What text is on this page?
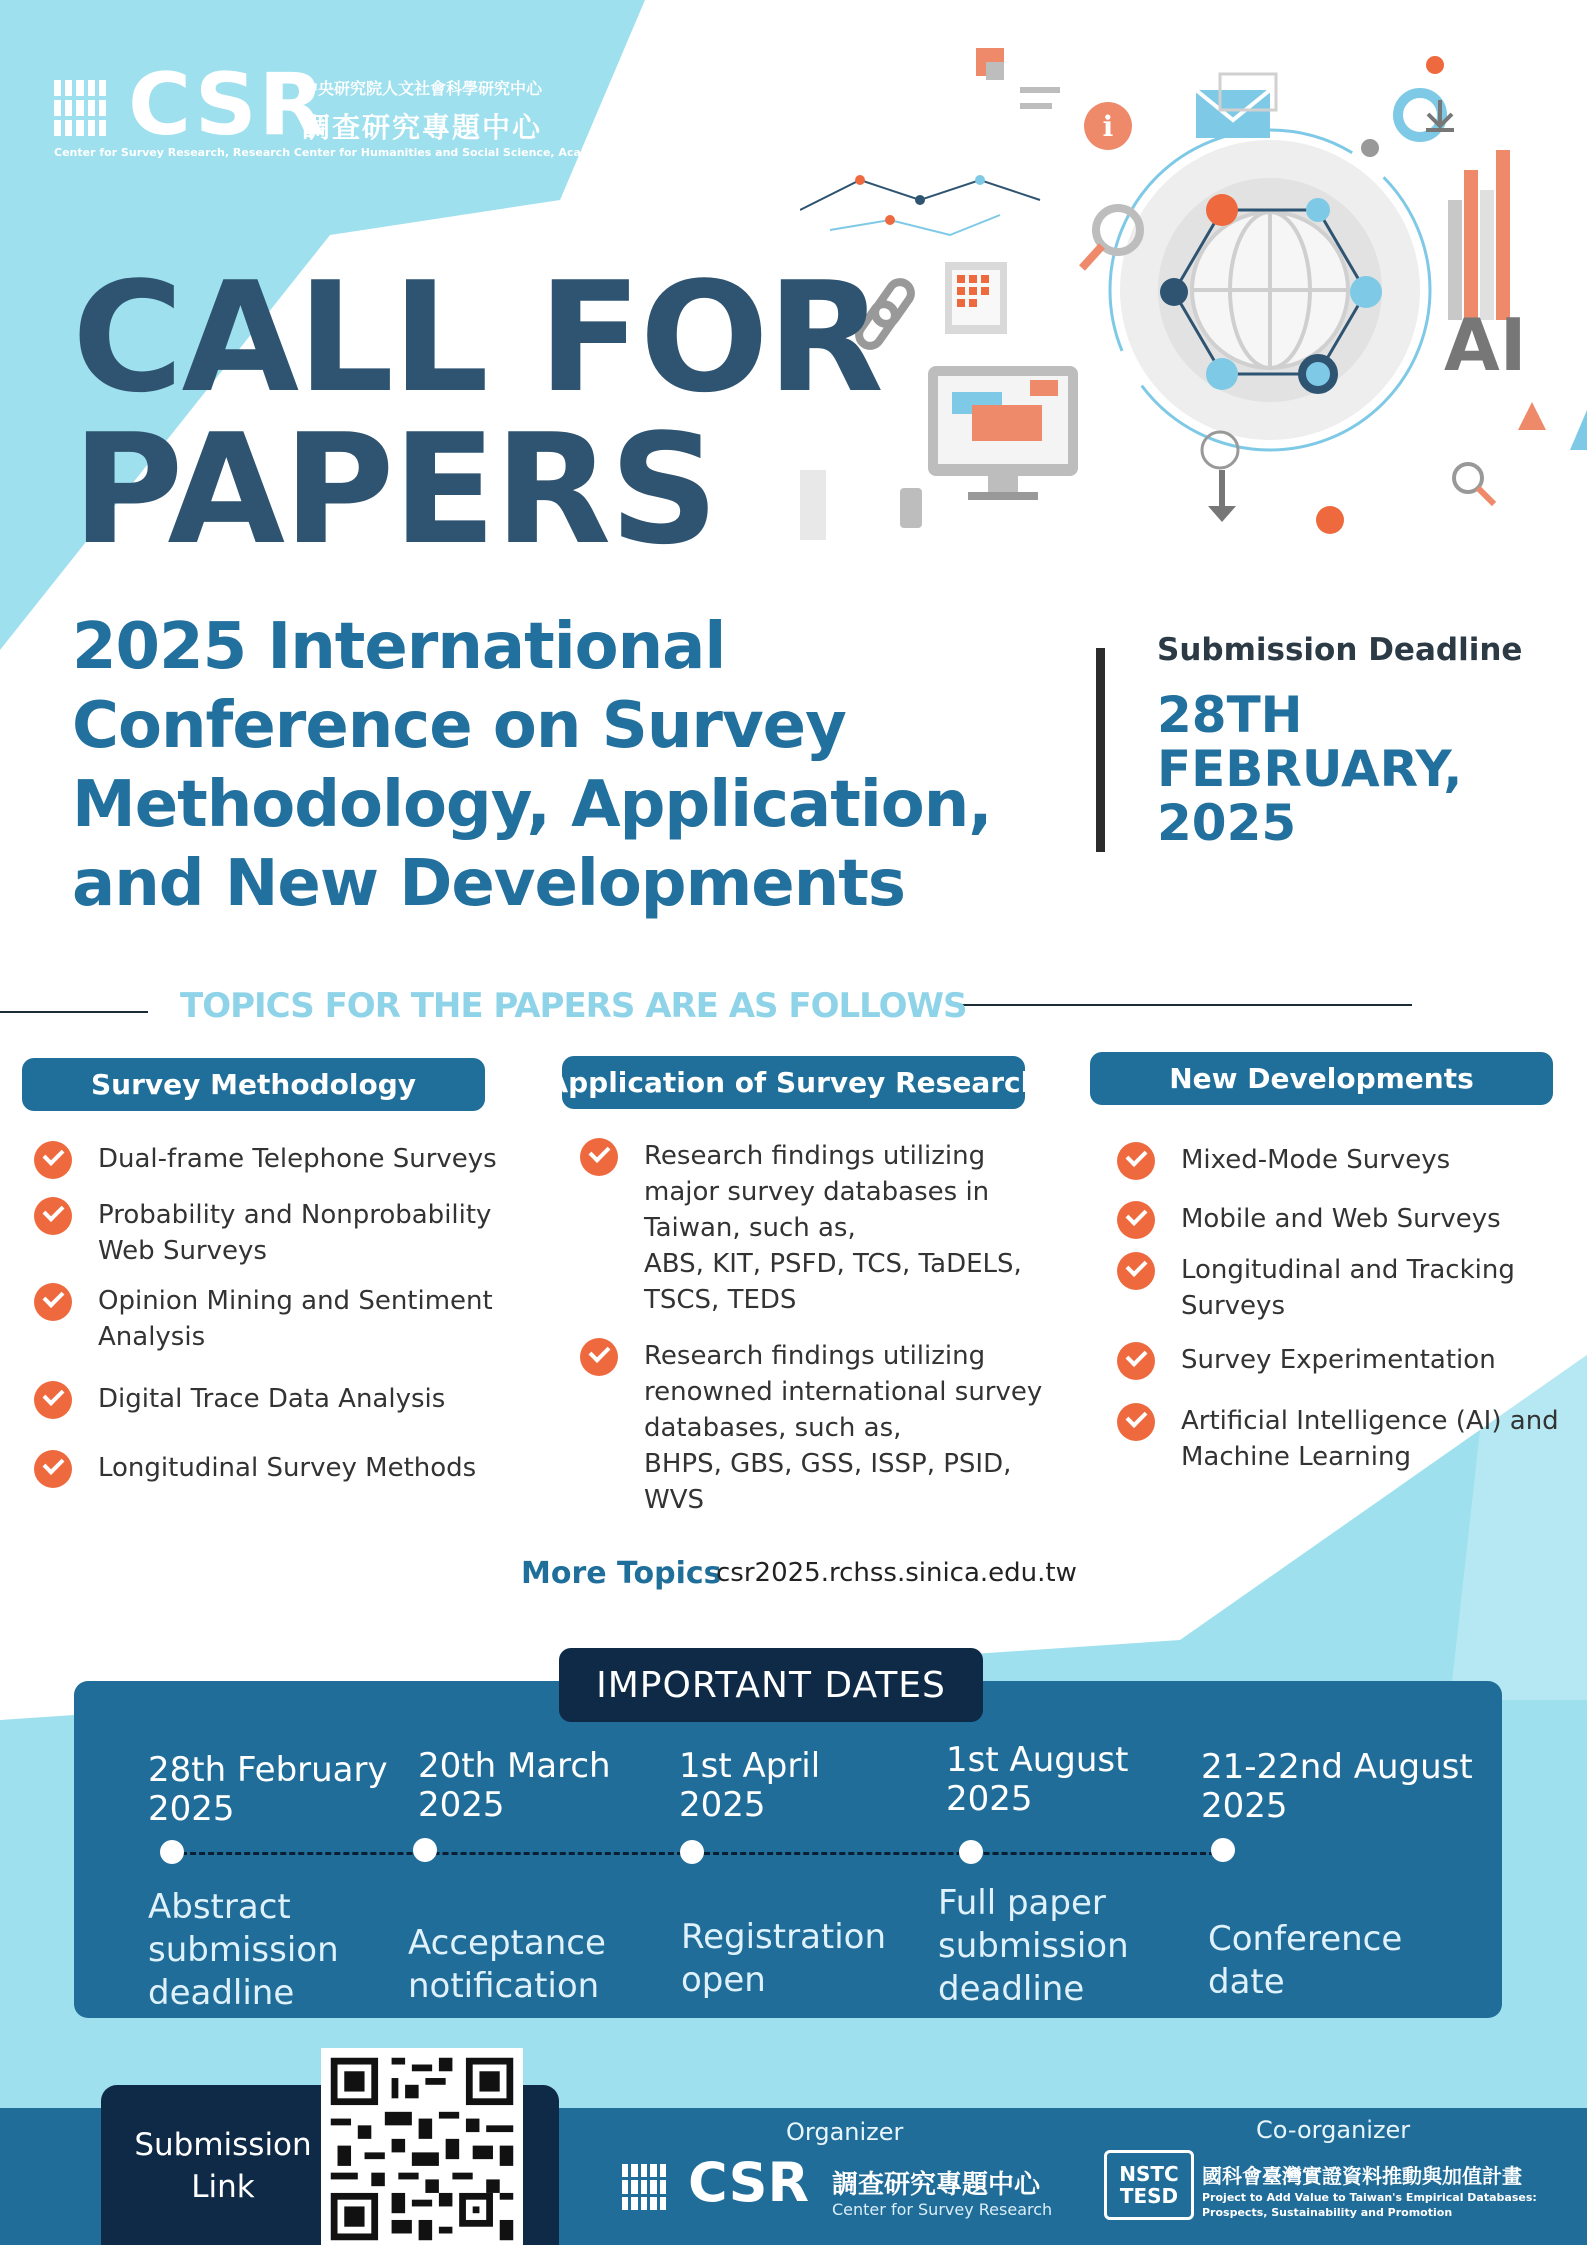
i
AI
CSR
中央研究院人文社會科學研究中心
調查研究專題中心
Center for Survey Research, Research Center for Humanities and Social Science, Academia Sinica
CALL FOR
PAPERS
2025 International Conference on Survey Methodology, Application, and New Developments
Submission Deadline
28TH FEBRUARY, 2025
TOPICS FOR THE PAPERS ARE AS FOLLOWS
Survey Methodology
Dual-frame Telephone Surveys
Probability and Nonprobability
Web Surveys
Opinion Mining and Sentiment
Analysis
Digital Trace Data Analysis
Longitudinal Survey Methods
Application of Survey Research
Research findings utilizing
major survey databases in
Taiwan, such as,
ABS, KIT, PSFD, TCS, TaDELS,
TSCS, TEDS
Research findings utilizing
renowned international survey
databases, such as,
BHPS, GBS, GSS, ISSP, PSID,
WVS
New Developments
Mixed-Mode Surveys
Mobile and Web Surveys
Longitudinal and Tracking
Surveys
Survey Experimentation
Artificial Intelligence (AI) and
Machine Learning
More Topics
csr2025.rchss.sinica.edu.tw
IMPORTANT DATES
28th February
2025
Abstract
submission
deadline
20th March
2025
Acceptance
notification
1st April
2025
Registration
open
1st August
2025
Full paper
submission
deadline
21-22nd August
2025
Conference
date
Submission
Link
Organizer
CSR 調查研究專題中心
Center for Survey Research
Co-organizer
NSTC
TESD
國科會臺灣實證資料推動與加值計畫
Project to Add Value to Taiwan's Empirical Databases:
Prospects, Sustainability and Promotion
